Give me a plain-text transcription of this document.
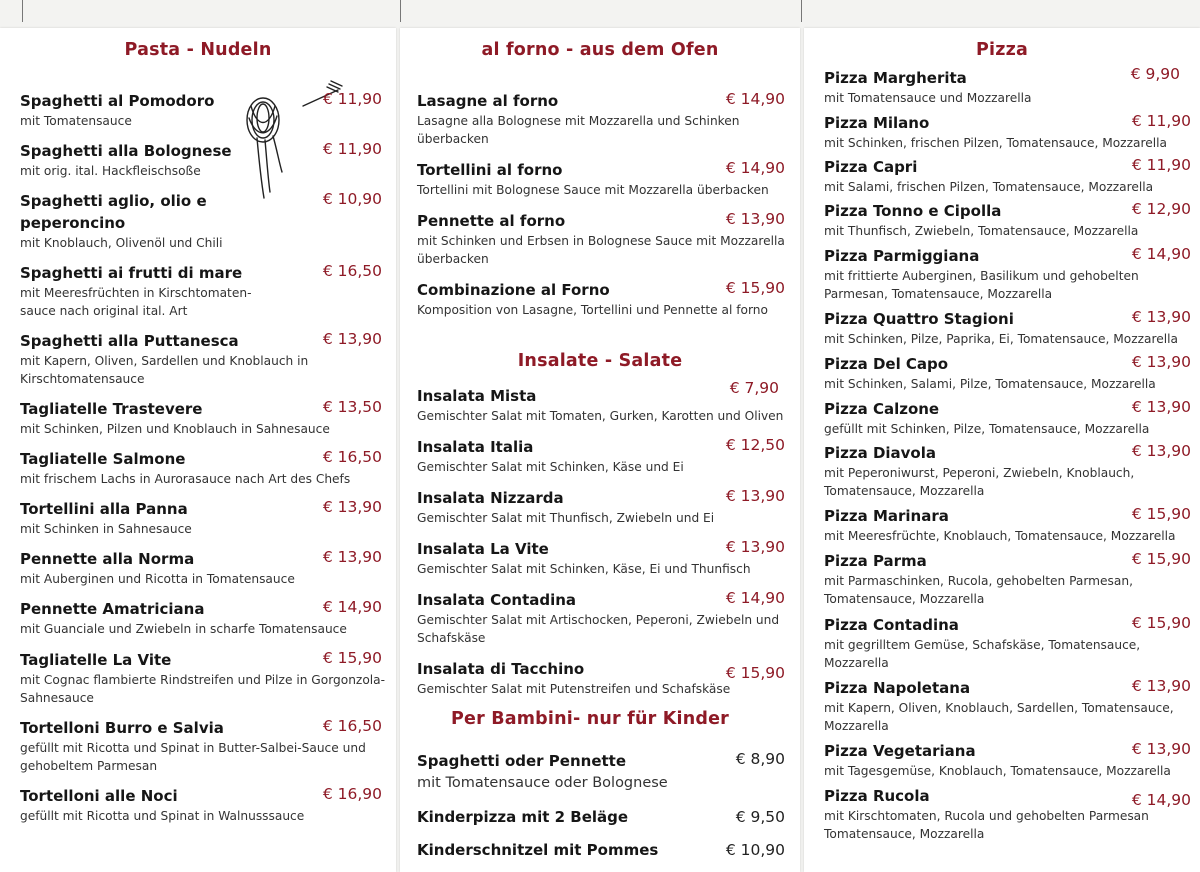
Pasta - Nudeln
Spaghetti al Pomodoro
mit Tomatensauce
€ 11,90
Spaghetti alla Bolognese
mit orig. ital. Hackfleischsoße
€ 11,90
Spaghetti aglio, olio e peperoncino
mit Knoblauch, Olivenöl und Chili
€ 10,90
Spaghetti ai frutti di mare
mit Meeresfrüchten in Kirschtomaten-sauce nach original ital. Art
€ 16,50
Spaghetti alla Puttanesca
mit Kapern, Oliven, Sardellen und Knoblauch in Kirschtomatensauce
€ 13,90
Tagliatelle Trastevere
mit Schinken, Pilzen und Knoblauch in Sahnesauce
€ 13,50
Tagliatelle Salmone
mit frischem Lachs in Aurorasauce nach Art des Chefs
€ 16,50
Tortellini alla Panna
mit Schinken in Sahnesauce
€ 13,90
Pennette alla Norma
mit Auberginen und Ricotta in Tomatensauce
€ 13,90
Pennette Amatriciana
mit Guanciale und Zwiebeln in scharfe Tomatensauce
€ 14,90
Tagliatelle La Vite
mit Cognac flambierte Rindstreifen und Pilze in Gorgonzola-Sahnesauce
€ 15,90
Tortelloni Burro e Salvia
gefüllt mit Ricotta und Spinat in Butter-Salbei-Sauce und gehobeltem Parmesan
€ 16,50
Tortelloni alle Noci
gefüllt mit Ricotta und Spinat in Walnusssauce
€ 16,90
al forno - aus dem Ofen
Lasagne al forno
Lasagne alla Bolognese mit Mozzarella und Schinken überbacken
€ 14,90
Tortellini al forno
Tortellini mit Bolognese Sauce mit Mozzarella überbacken
€ 14,90
Pennette al forno
mit Schinken und Erbsen in Bolognese Sauce mit Mozzarella überbacken
€ 13,90
Combinazione al Forno
Komposition von Lasagne, Tortellini und Pennette al forno
€ 15,90
Insalate - Salate
Insalata Mista
Gemischter Salat mit Tomaten, Gurken, Karotten und Oliven
€ 7,90
Insalata Italia
Gemischter Salat mit Schinken, Käse und Ei
€ 12,50
Insalata Nizzarda
Gemischter Salat mit Thunfisch, Zwiebeln und Ei
€ 13,90
Insalata La Vite
Gemischter Salat mit Schinken, Käse, Ei und Thunfisch
€ 13,90
Insalata Contadina
Gemischter Salat mit Artischocken, Peperoni, Zwiebeln und Schafskäse
€ 14,90
Insalata di Tacchino
Gemischter Salat mit Putenstreifen und Schafskäse
€ 15,90
Per Bambini- nur für Kinder
Spaghetti oder Pennette
mit Tomatensauce oder Bolognese
€ 8,90
Kinderpizza mit 2 Beläge	€ 9,50
Kinderschnitzel mit Pommes	€ 10,90
Pizza
Pizza Margherita
mit Tomatensauce und Mozzarella
€ 9,90
Pizza Milano
mit Schinken, frischen Pilzen, Tomatensauce, Mozzarella
€ 11,90
Pizza Capri
mit Salami, frischen Pilzen, Tomatensauce, Mozzarella
€ 11,90
Pizza Tonno e Cipolla
mit Thunfisch, Zwiebeln, Tomatensauce, Mozzarella
€ 12,90
Pizza Parmiggiana
mit frittierte Auberginen, Basilikum und gehobelten Parmesan, Tomatensauce, Mozzarella
€ 14,90
Pizza Quattro Stagioni
mit Schinken, Pilze, Paprika, Ei, Tomatensauce, Mozzarella
€ 13,90
Pizza Del Capo
mit Schinken, Salami, Pilze, Tomatensauce, Mozzarella
€ 13,90
Pizza Calzone
gefüllt mit Schinken, Pilze, Tomatensauce, Mozzarella
€ 13,90
Pizza Diavola
mit Peperoniwurst, Peperoni, Zwiebeln, Knoblauch, Tomatensauce, Mozzarella
€ 13,90
Pizza Marinara
mit Meeresfrüchte, Knoblauch, Tomatensauce, Mozzarella
€ 15,90
Pizza Parma
mit Parmaschinken, Rucola, gehobelten Parmesan, Tomatensauce, Mozzarella
€ 15,90
Pizza Contadina
mit gegrilltem Gemüse, Schafskäse, Tomatensauce, Mozzarella
€ 15,90
Pizza Napoletana
mit Kapern, Oliven, Knoblauch, Sardellen, Tomatensauce, Mozzarella
€ 13,90
Pizza Vegetariana
mit Tagesgemüse, Knoblauch, Tomatensauce, Mozzarella
€ 13,90
Pizza Rucola
mit Kirschtomaten, Rucola und gehobelten Parmesan Tomatensauce, Mozzarella
€ 14,90
